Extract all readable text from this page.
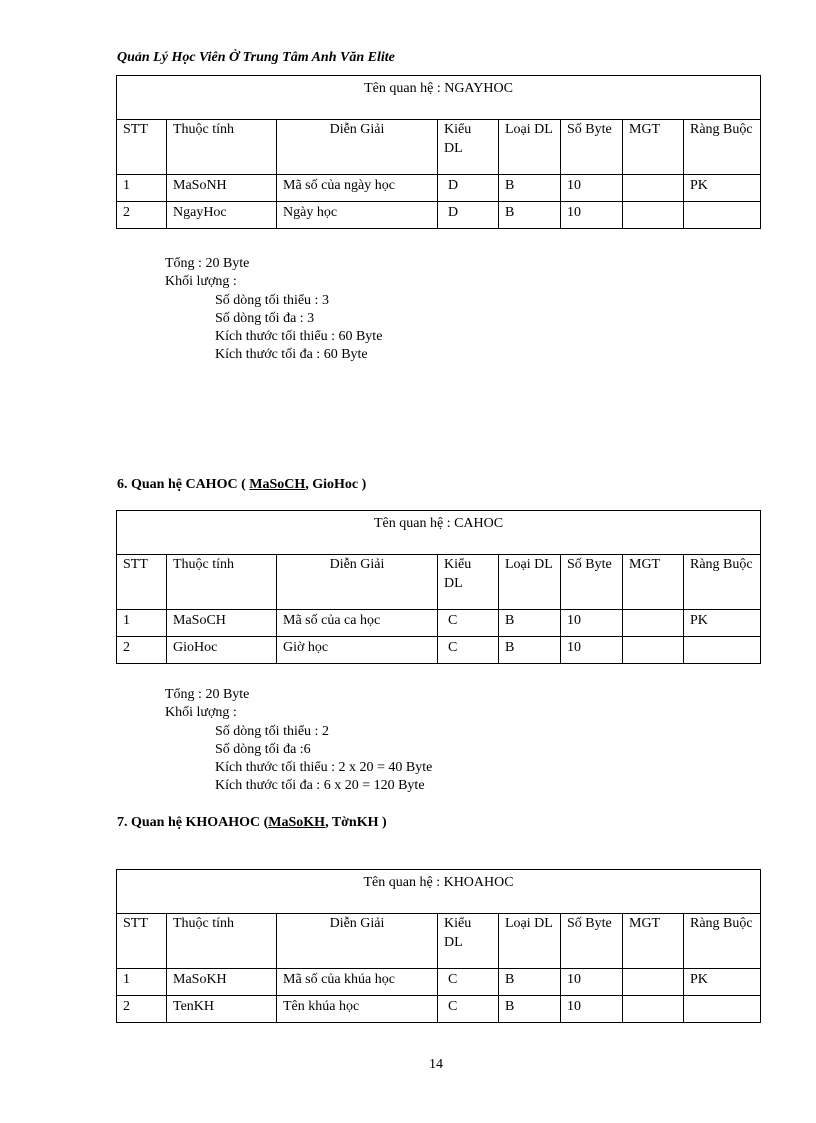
Quản Lý Học Viên Ở Trung Tâm Anh Văn Elite
Tên quan hệ : NGAYHOC							
STT	Thuộc tính	Diễn Giải	Kiểu DL	Loại DL	Số Byte	MGT	Ràng Buộc
1	MaSoNH	Mã số của ngày học	D	B	10		PK
2	NgayHoc	Ngày học	D	B	10		
Tổng : 20 Byte
Khối lượng :
Số dòng tối thiểu : 3
Số dòng tối đa : 3
Kích thước tối thiểu : 60 Byte
Kích thước tối đa : 60 Byte
6. Quan hệ CAHOC ( MaSoCH, GioHoc )
Tên quan hệ : CAHOC							
STT	Thuộc tính	Diễn Giải	Kiểu DL	Loại DL	Số Byte	MGT	Ràng Buộc
1	MaSoCH	Mã số của ca học	C	B	10		PK
2	GioHoc	Giờ học	C	B	10		
Tổng : 20 Byte
Khối lượng :
Số dòng tối thiểu : 2
Số dòng tối đa :6
Kích thước tối thiểu : 2 x 20 = 40 Byte
Kích thước tối đa : 6 x 20 = 120 Byte
7. Quan hệ KHOAHOC (MaSoKH, TờnKH )
Tên quan hệ : KHOAHOC							
STT	Thuộc tính	Diễn Giải	Kiểu DL	Loại DL	Số Byte	MGT	Ràng Buộc
1	MaSoKH	Mã số của khúa học	C	B	10		PK
2	TenKH	Tên khúa học	C	B	10		
14
